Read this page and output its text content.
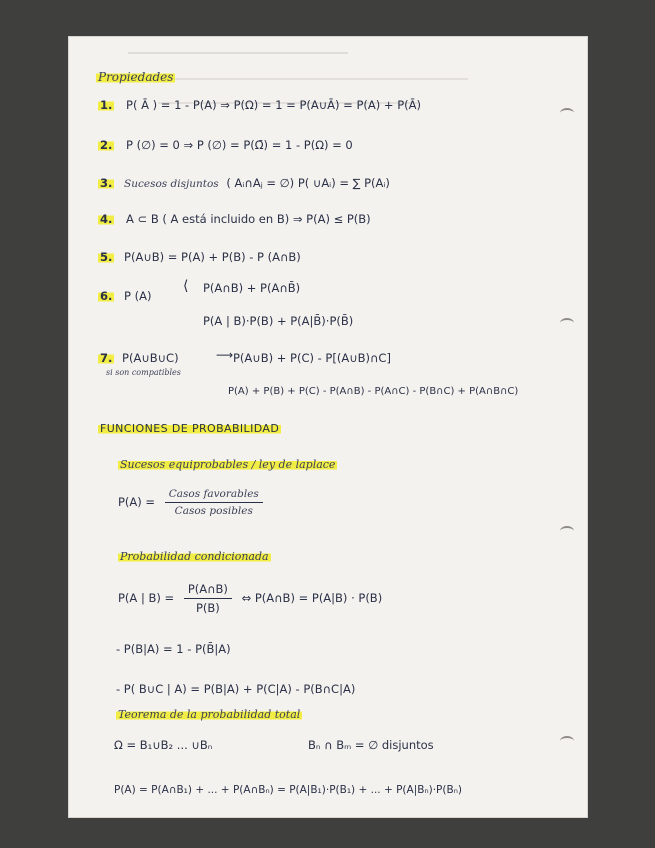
Propiedades
1. P( Ā ) = 1 - P(A) ⇒ P(Ω) = 1 = P(A∪Ā) = P(A) + P(Ā)
2. P (∅) = 0 ⇒ P (∅) = P(Ω̄) = 1 - P(Ω) = 0
3. Sucesos disjuntos ( Aᵢ∩Aⱼ = ∅) P( ∪Aᵢ) = ∑ P(Aᵢ)
4. A ⊂ B ( A está incluido en B) ⇒ P(A) ≤ P(B)
5. P(A∪B) = P(A) + P(B) - P (A∩B)
6. P (A)
⟨ P(A∩B) + P(A∩B̄)
P(A | B)·P(B) + P(A|B̄)·P(B̄)
7. P(A∪B∪C)
si son compatibles
⟶ P(A∪B) + P(C) - P[(A∪B)∩C]
P(A) + P(B) + P(C) - P(A∩B) - P(A∩C) - P(B∩C) + P(A∩B∩C)
FUNCIONES DE PROBABILIDAD
Sucesos equiprobables / ley de laplace
$P(A) = \frac{\text{Casos favorables}}{\text{Casos posibles}}$
Probabilidad condicionada
P(A | $B) = \frac{P(A\cap B)}{P(B)}$ ⇔ P(A∩B) = P(A|B) · P(B)
- P(B|A) = 1 - P(B̄|A)
- P( B∪C | A) = P(B|A) + P(C|A) - P(B∩C|A)
Teorema de la probabilidad total
Ω = B₁∪B₂ ... ∪Bₙ	Bₙ ∩ Bₘ = ∅ disjuntos
P(A) = P(A∩B₁) + ... + P(A∩Bₙ) = P(A|B₁)·P(B₁) + ... + P(A|Bₙ)·P(Bₙ)
